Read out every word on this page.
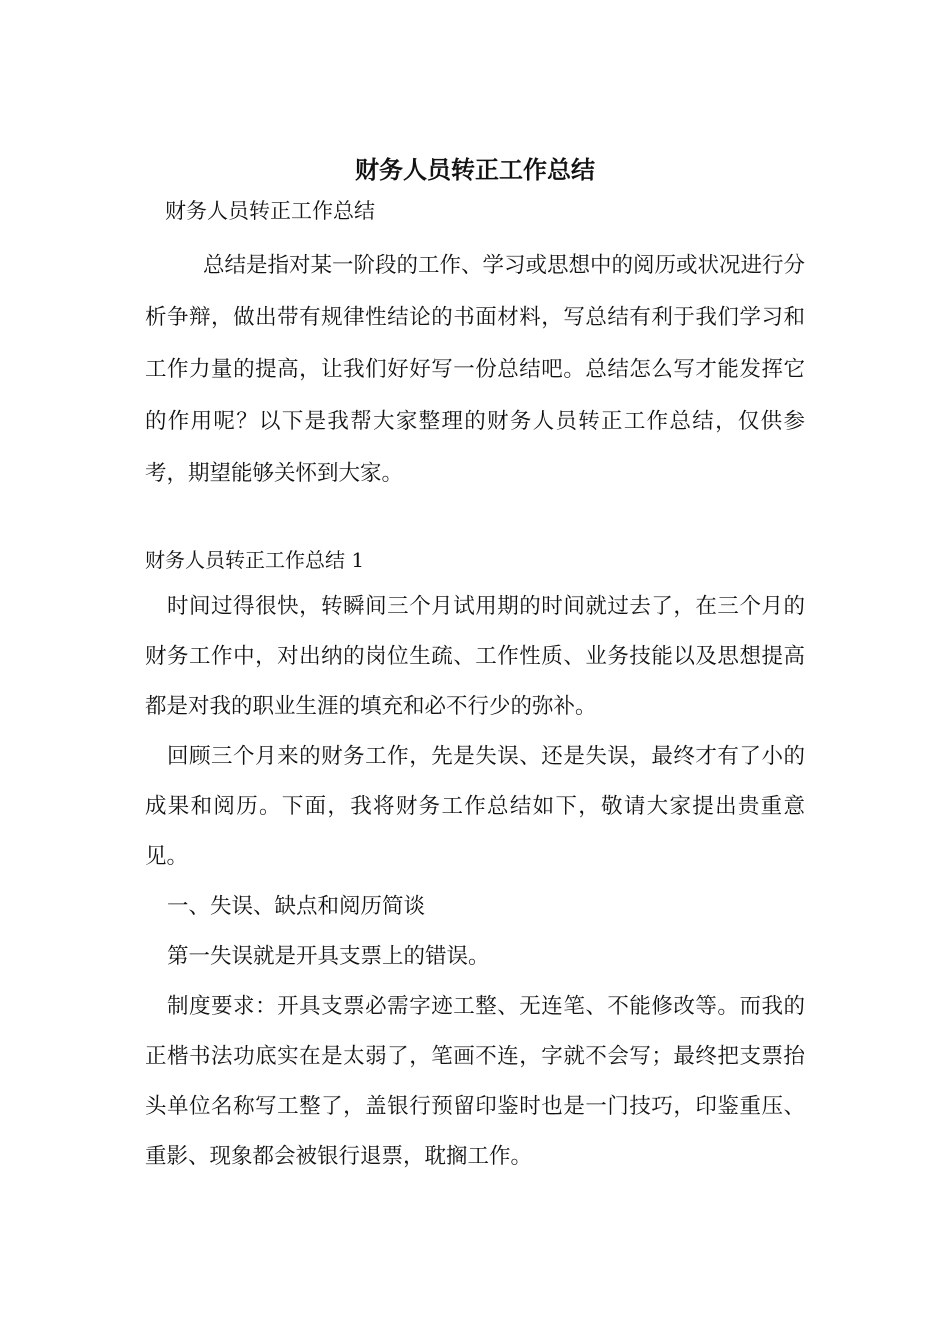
财务人员转正工作总结

财务人员转正工作总结

总结是指对某一阶段的工作、学习或思想中的阅历或状况进行分析争辩，做出带有规律性结论的书面材料，写总结有利于我们学习和工作力量的提高，让我们好好写一份总结吧。总结怎么写才能发挥它的作用呢？以下是我帮大家整理的财务人员转正工作总结，仅供参考，期望能够关怀到大家。

财务人员转正工作总结 1

时间过得很快，转瞬间三个月试用期的时间就过去了，在三个月的财务工作中，对出纳的岗位生疏、工作性质、业务技能以及思想提高都是对我的职业生涯的填充和必不行少的弥补。

回顾三个月来的财务工作，先是失误、还是失误，最终才有了小的成果和阅历。下面，我将财务工作总结如下，敬请大家提出贵重意见。

一、失误、缺点和阅历简谈

第一失误就是开具支票上的错误。

制度要求：开具支票必需字迹工整、无连笔、不能修改等。而我的正楷书法功底实在是太弱了，笔画不连，字就不会写；最终把支票抬头单位名称写工整了，盖银行预留印鉴时也是一门技巧，印鉴重压、重影、现象都会被银行退票，耽搁工作。
